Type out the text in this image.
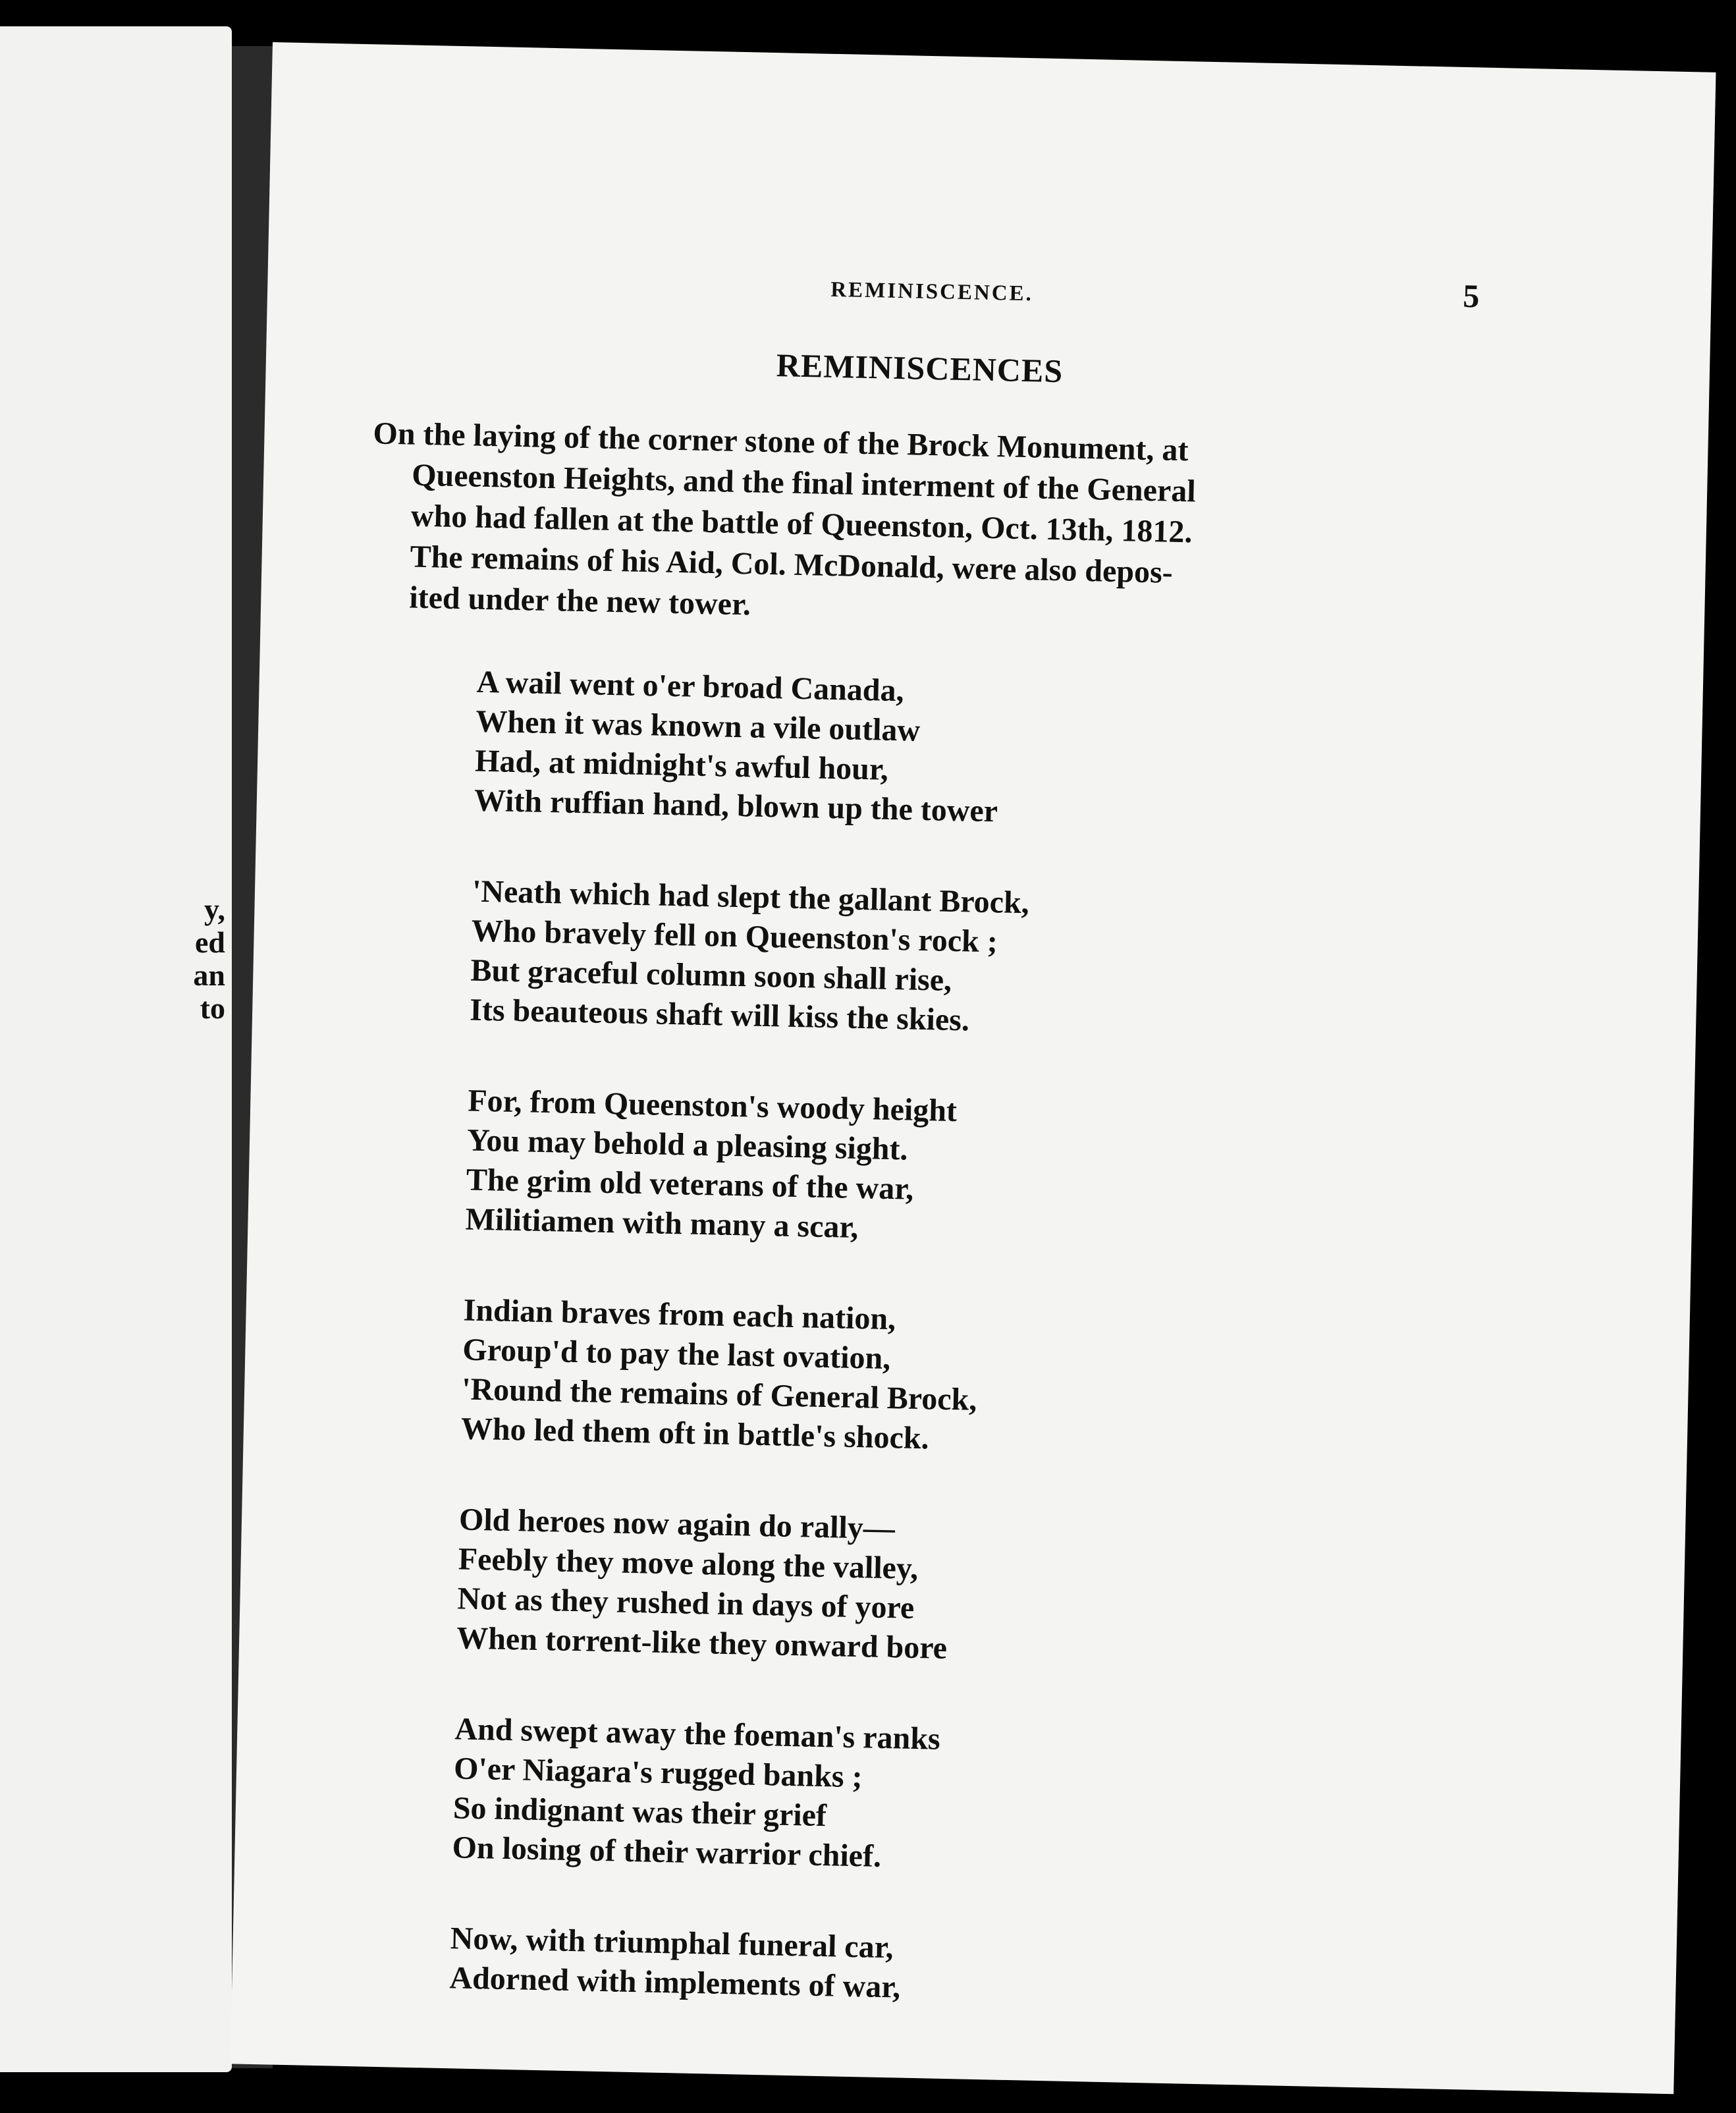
y,
ed
an
to
REMINISCENCE.	5
REMINISCENCES
On the laying of the corner stone of the Brock Monument, at
Queenston Heights, and the final interment of the General
who had fallen at the battle of Queenston, Oct. 13th, 1812.
The remains of his Aid, Col. McDonald, were also depos-
ited under the new tower.
A wail went o'er broad Canada,
When it was known a vile outlaw
Had, at midnight's awful hour,
With ruffian hand, blown up the tower
'Neath which had slept the gallant Brock,
Who bravely fell on Queenston's rock ;
But graceful column soon shall rise,
Its beauteous shaft will kiss the skies.
For, from Queenston's woody height
You may behold a pleasing sight.
The grim old veterans of the war,
Militiamen with many a scar,
Indian braves from each nation,
Group'd to pay the last ovation,
'Round the remains of General Brock,
Who led them oft in battle's shock.
Old heroes now again do rally—
Feebly they move along the valley,
Not as they rushed in days of yore
When torrent-like they onward bore
And swept away the foeman's ranks
O'er Niagara's rugged banks ;
So indignant was their grief
On losing of their warrior chief.
Now, with triumphal funeral car,
Adorned with implements of war,
